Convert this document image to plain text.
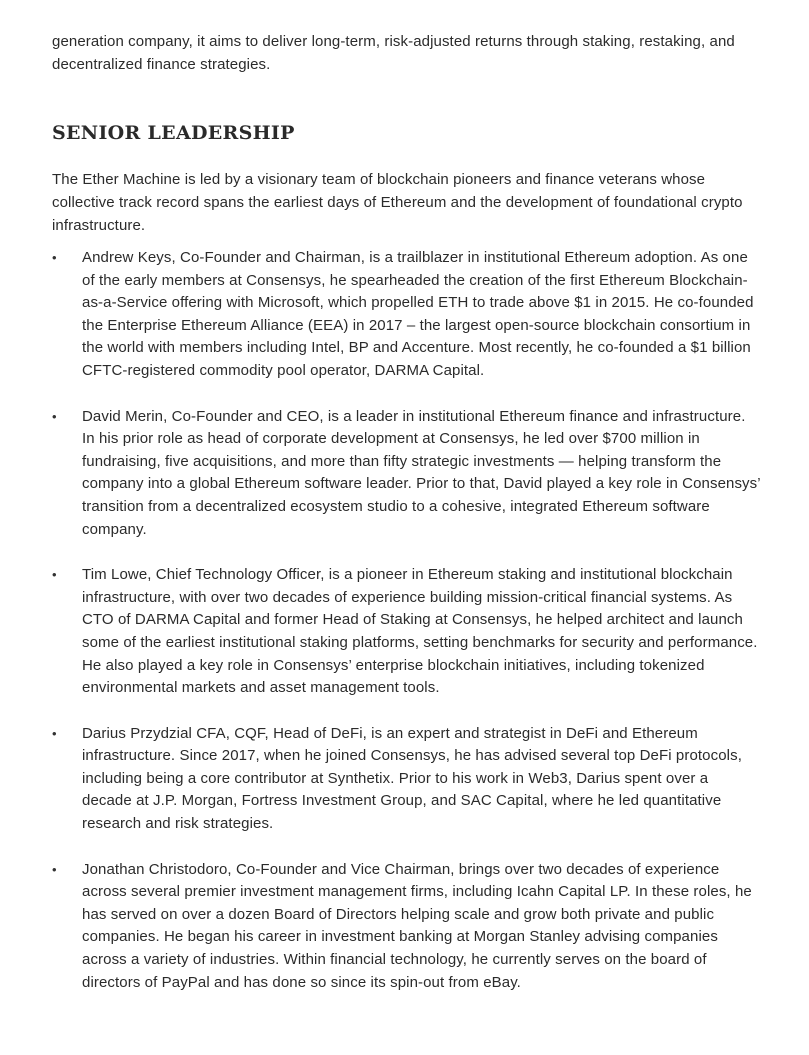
generation company, it aims to deliver long-term, risk-adjusted returns through staking, restaking, and decentralized finance strategies.

SENIOR LEADERSHIP

The Ether Machine is led by a visionary team of blockchain pioneers and finance veterans whose collective track record spans the earliest days of Ethereum and the development of foundational crypto infrastructure.

•	Andrew Keys, Co-Founder and Chairman, is a trailblazer in institutional Ethereum adoption. As one of the early members at Consensys, he spearheaded the creation of the first Ethereum Blockchain-as-a-Service offering with Microsoft, which propelled ETH to trade above $1 in 2015. He co-founded the Enterprise Ethereum Alliance (EEA) in 2017 – the largest open-source blockchain consortium in the world with members including Intel, BP and Accenture. Most recently, he co-founded a $1 billion CFTC-registered commodity pool operator, DARMA Capital.
•	David Merin, Co-Founder and CEO, is a leader in institutional Ethereum finance and infrastructure. In his prior role as head of corporate development at Consensys, he led over $700 million in fundraising, five acquisitions, and more than fifty strategic investments — helping transform the company into a global Ethereum software leader. Prior to that, David played a key role in Consensys’ transition from a decentralized ecosystem studio to a cohesive, integrated Ethereum software company.
•	Tim Lowe, Chief Technology Officer, is a pioneer in Ethereum staking and institutional blockchain infrastructure, with over two decades of experience building mission-critical financial systems. As CTO of DARMA Capital and former Head of Staking at Consensys, he helped architect and launch some of the earliest institutional staking platforms, setting benchmarks for security and performance. He also played a key role in Consensys’ enterprise blockchain initiatives, including tokenized environmental markets and asset management tools.
•	Darius Przydzial CFA, CQF, Head of DeFi, is an expert and strategist in DeFi and Ethereum infrastructure. Since 2017, when he joined Consensys, he has advised several top DeFi protocols, including being a core contributor at Synthetix. Prior to his work in Web3, Darius spent over a decade at J.P. Morgan, Fortress Investment Group, and SAC Capital, where he led quantitative research and risk strategies.
•	Jonathan Christodoro, Co-Founder and Vice Chairman, brings over two decades of experience across several premier investment management firms, including Icahn Capital LP. In these roles, he has served on over a dozen Board of Directors helping scale and grow both private and public companies. He began his career in investment banking at Morgan Stanley advising companies across a variety of industries. Within financial technology, he currently serves on the board of directors of PayPal and has done so since its spin-out from eBay.
